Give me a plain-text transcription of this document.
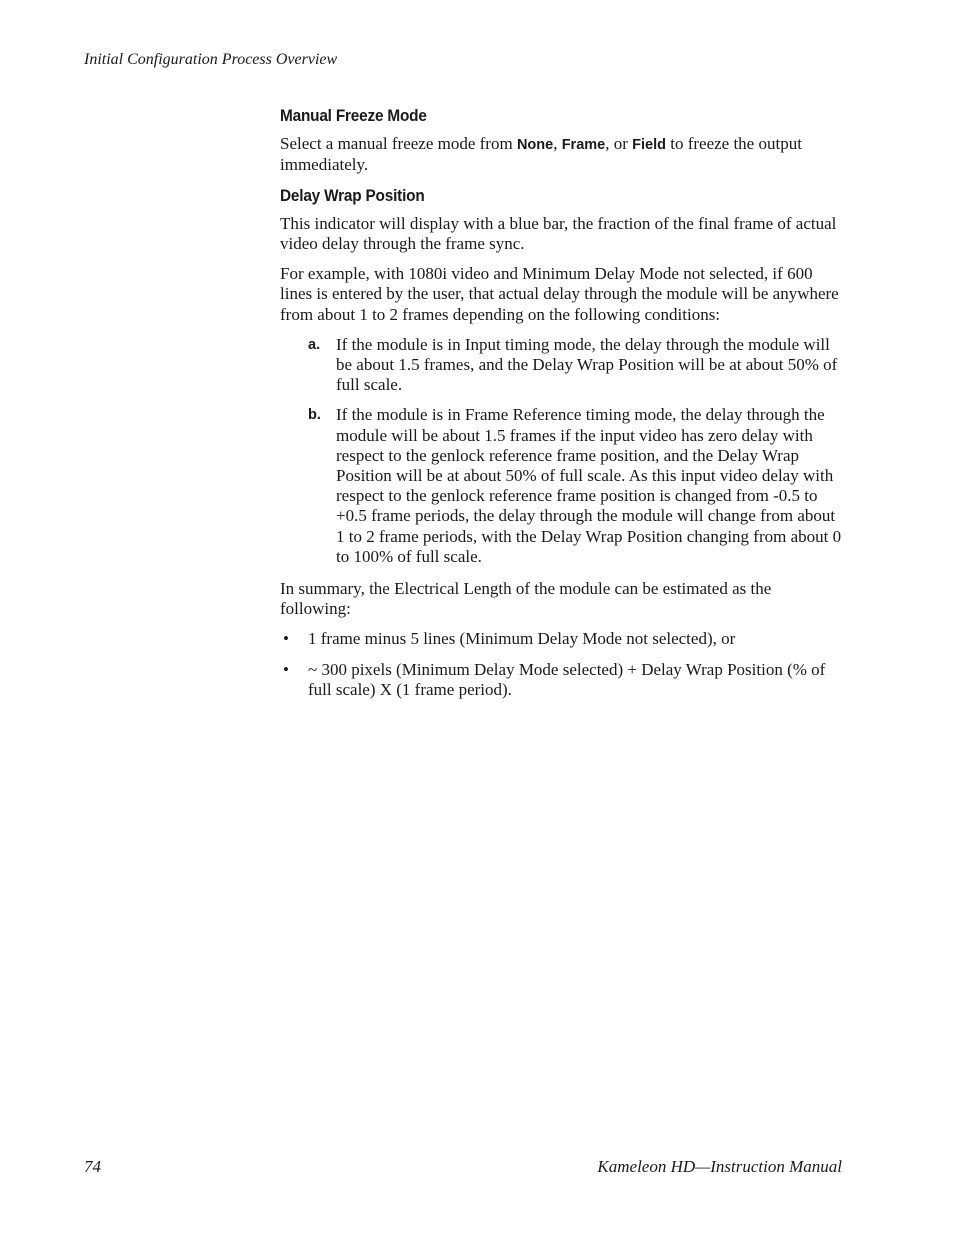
Initial Configuration Process Overview
Manual Freeze Mode

Select a manual freeze mode from None, Frame, or Field to freeze the output immediately.

Delay Wrap Position

This indicator will display with a blue bar, the fraction of the final frame of actual video delay through the frame sync.

For example, with 1080i video and Minimum Delay Mode not selected, if 600 lines is entered by the user, that actual delay through the module will be anywhere from about 1 to 2 frames depending on the following conditions:

a. If the module is in Input timing mode, the delay through the module will be about 1.5 frames, and the Delay Wrap Position will be at about 50% of full scale.
b. If the module is in Frame Reference timing mode, the delay through the module will be about 1.5 frames if the input video has zero delay with respect to the genlock reference frame position, and the Delay Wrap Position will be at about 50% of full scale. As this input video delay with respect to the genlock reference frame position is changed from -0.5 to +0.5 frame periods, the delay through the module will change from about 1 to 2 frame periods, with the Delay Wrap Position changing from about 0 to 100% of full scale.

In summary, the Electrical Length of the module can be estimated as the following:

• 1 frame minus 5 lines (Minimum Delay Mode not selected), or
• ~ 300 pixels (Minimum Delay Mode selected) + Delay Wrap Position (% of full scale) X (1 frame period).
74	Kameleon HD—Instruction Manual
